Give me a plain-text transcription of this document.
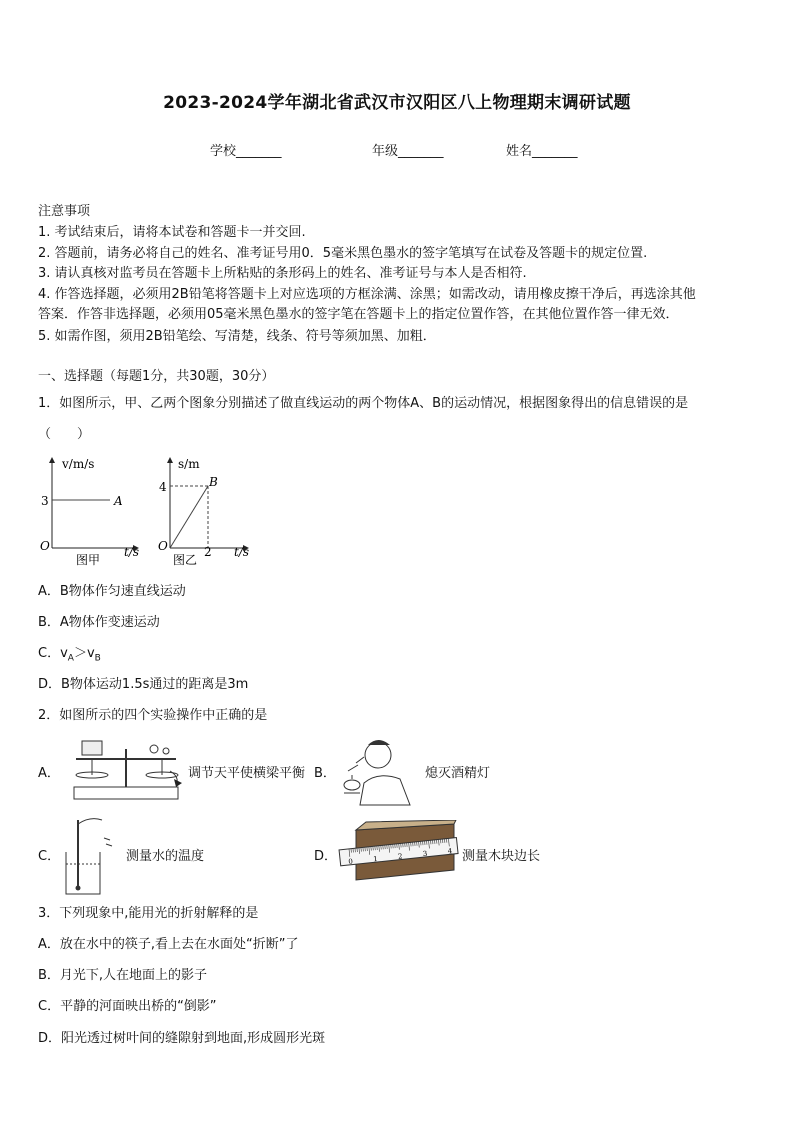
2023-2024学年湖北省武汉市汉阳区八上物理期末调研试题
学校_______	年级_______	姓名_______
注意事项
1. 考试结束后，请将本试卷和答题卡一并交回.
2. 答题前，请务必将自己的姓名、准考证号用0．5毫米黑色墨水的签字笔填写在试卷及答题卡的规定位置.
3. 请认真核对监考员在答题卡上所粘贴的条形码上的姓名、准考证号与本人是否相符.
4. 作答选择题，必须用2B铅笔将答题卡上对应选项的方框涂满、涂黑；如需改动，请用橡皮擦干净后，再选涂其他
答案．作答非选择题，必须用05毫米黑色墨水的签字笔在答题卡上的指定位置作答，在其他位置作答一律无效．
5. 如需作图，须用2B铅笔绘、写清楚，线条、符号等须加黑、加粗．
一、选择题（每题1分，共30题，30分）
1．如图所示，甲、乙两个图象分别描述了做直线运动的两个物体A、B的运动情况，根据图象得出的信息错误的是
（　　）
v/m/s
3	A
O	t/s
图甲
s/m
4	B
O	2 t/s
图乙
A．B物体作匀速直线运动
B．A物体作变速运动
C．$v_A>v_B$
D．B物体运动1.5s通过的距离是3m
2．如图所示的四个实验操作中正确的是
A．	调节天平使横梁平衡 B．	熄灭酒精灯
C．	测量水的温度	D． 0	1	2	3	4 测量木块边长
3．下列现象中,能用光的折射解释的是
A．放在水中的筷子,看上去在水面处“折断”了
B．月光下,人在地面上的影子
C．平静的河面映出桥的“倒影”
D．阳光透过树叶间的缝隙射到地面,形成圆形光斑
